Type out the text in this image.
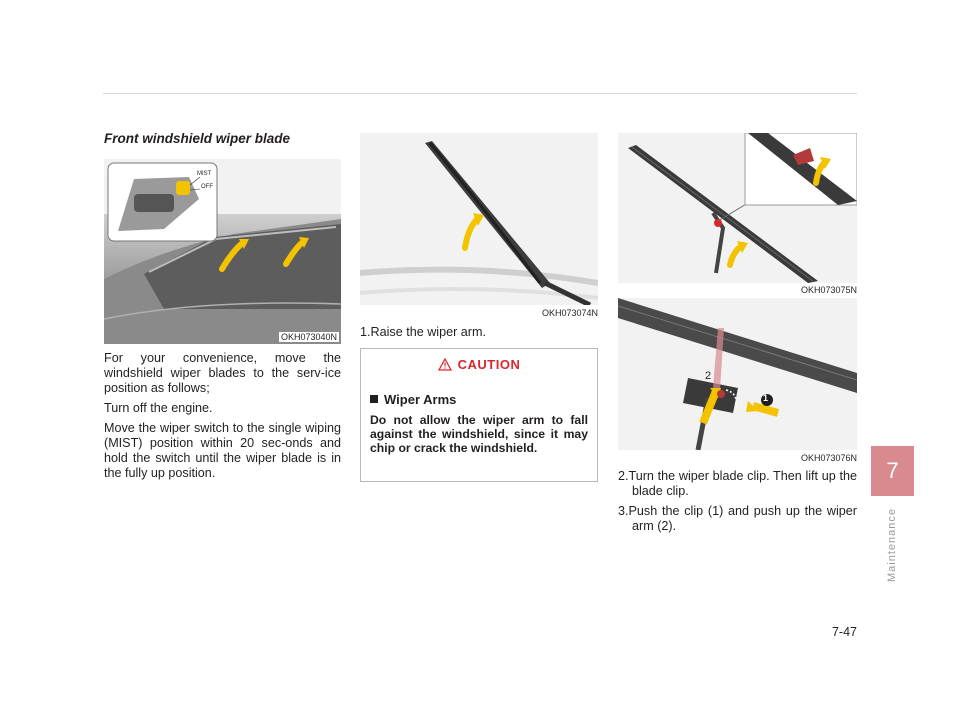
Front windshield wiper blade
MIST
OFF
OKH073040N

For your convenience, move the windshield wiper blades to the serv-ice position as follows;

Turn off the engine.

Move the wiper switch to the single wiping (MIST) position within 20 sec-onds and hold the switch until the wiper blade is in the fully up position.

OKH073074N
1.Raise the wiper arm.
CAUTION
Wiper Arms
Do not allow the wiper arm to fall against the windshield, since it may chip or crack the windshield.
OKH073075N
1
2
OKH073076N
2.Turn the wiper blade clip. Then lift up the blade clip.
3.Push the clip (1) and push up the wiper arm (2).
7
Maintenance
7-47
